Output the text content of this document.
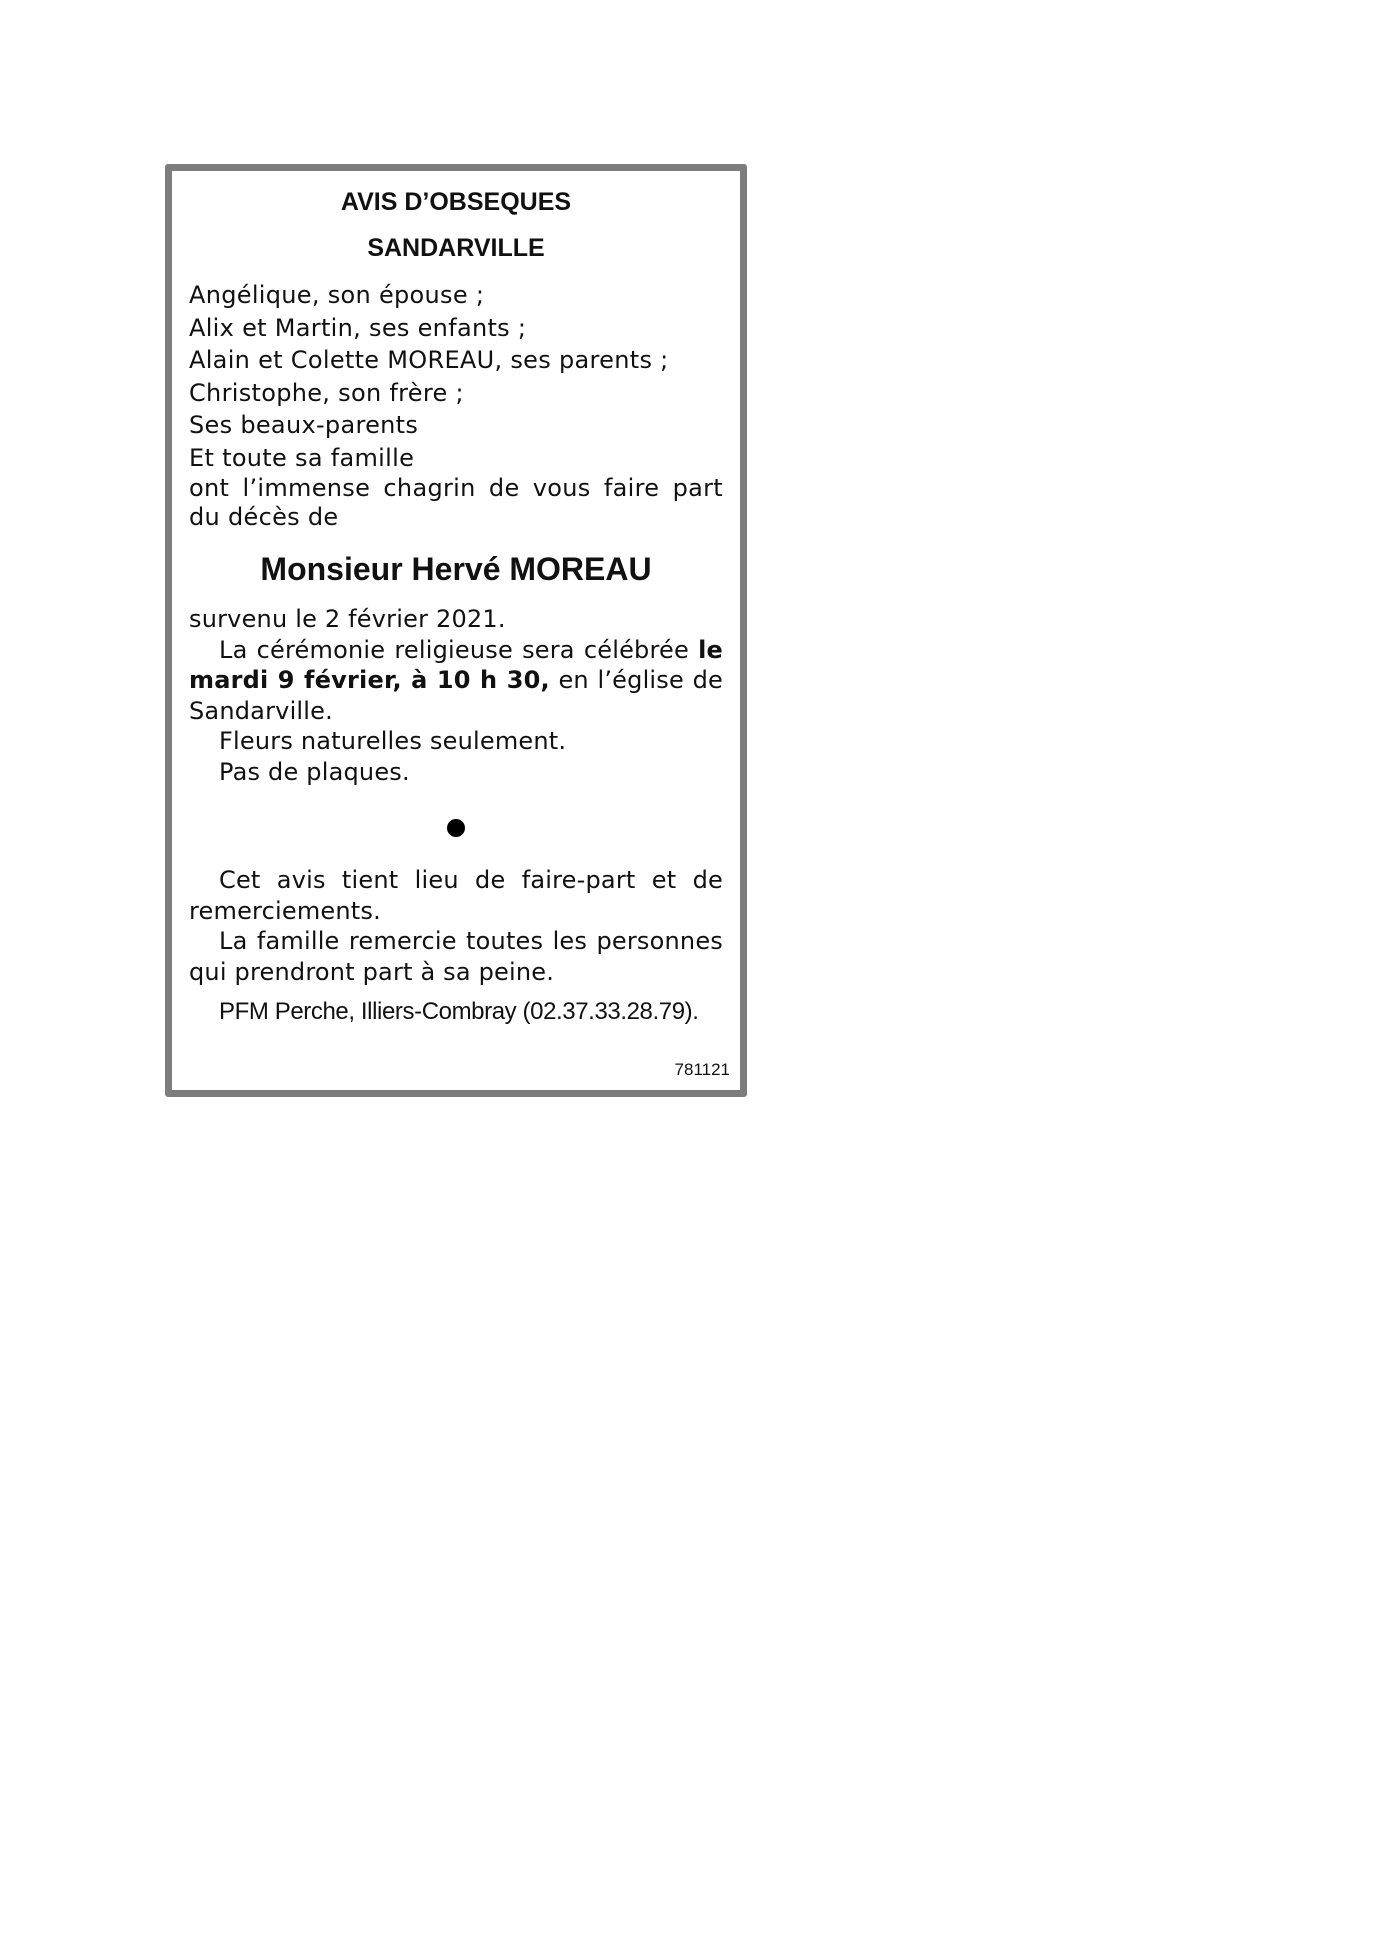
AVIS D’OBSEQUES
SANDARVILLE
Angélique, son épouse ;
Alix et Martin, ses enfants ;
Alain et Colette MOREAU, ses parents ;
Christophe, son frère ;
Ses beaux-parents
Et toute sa famille
ont l’immense chagrin de vous faire part du décès de
Monsieur Hervé MOREAU
survenu le 2 février 2021.
La cérémonie religieuse sera célébrée le mardi 9 février, à 10 h 30, en l’église de Sandarville.
Fleurs naturelles seulement.
Pas de plaques.
Cet avis tient lieu de faire-part et de remerciements.
La famille remercie toutes les personnes qui prendront part à sa peine.
PFM Perche, Illiers-Combray (02.37.33.28.79).
781121
